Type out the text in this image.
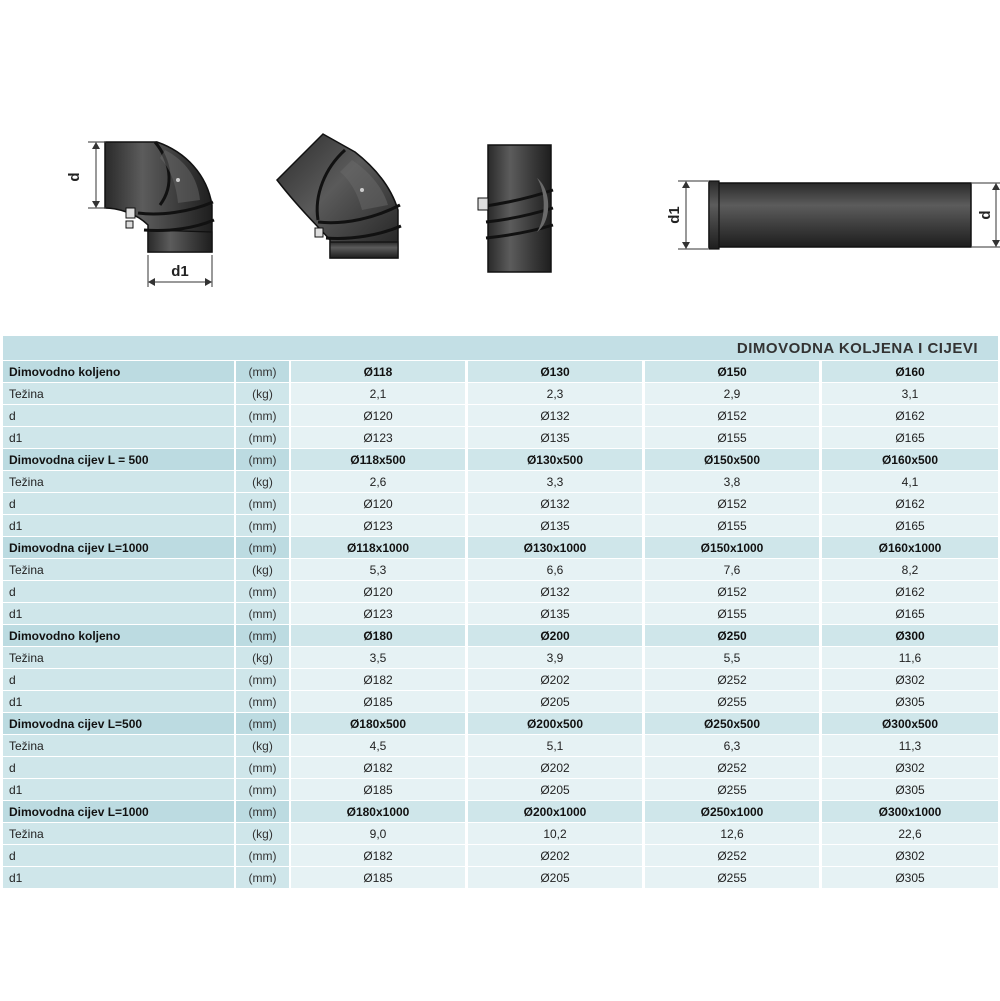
d
d1
d1	d
DIMOVODNA KOLJENA I CIJEVI					
Dimovodno koljeno	(mm)	Ø118	Ø130	Ø150	Ø160
Težina	(kg)	2,1	2,3	2,9	3,1
d	(mm)	Ø120	Ø132	Ø152	Ø162
d1	(mm)	Ø123	Ø135	Ø155	Ø165
Dimovodna cijev L = 500	(mm)	Ø118x500	Ø130x500	Ø150x500	Ø160x500
Težina	(kg)	2,6	3,3	3,8	4,1
d	(mm)	Ø120	Ø132	Ø152	Ø162
d1	(mm)	Ø123	Ø135	Ø155	Ø165
Dimovodna cijev L=1000	(mm)	Ø118x1000	Ø130x1000	Ø150x1000	Ø160x1000
Težina	(kg)	5,3	6,6	7,6	8,2
d	(mm)	Ø120	Ø132	Ø152	Ø162
d1	(mm)	Ø123	Ø135	Ø155	Ø165
Dimovodno koljeno	(mm)	Ø180	Ø200	Ø250	Ø300
Težina	(kg)	3,5	3,9	5,5	11,6
d	(mm)	Ø182	Ø202	Ø252	Ø302
d1	(mm)	Ø185	Ø205	Ø255	Ø305
Dimovodna cijev L=500	(mm)	Ø180x500	Ø200x500	Ø250x500	Ø300x500
Težina	(kg)	4,5	5,1	6,3	11,3
d	(mm)	Ø182	Ø202	Ø252	Ø302
d1	(mm)	Ø185	Ø205	Ø255	Ø305
Dimovodna cijev L=1000	(mm)	Ø180x1000	Ø200x1000	Ø250x1000	Ø300x1000
Težina	(kg)	9,0	10,2	12,6	22,6
d	(mm)	Ø182	Ø202	Ø252	Ø302
d1	(mm)	Ø185	Ø205	Ø255	Ø305
